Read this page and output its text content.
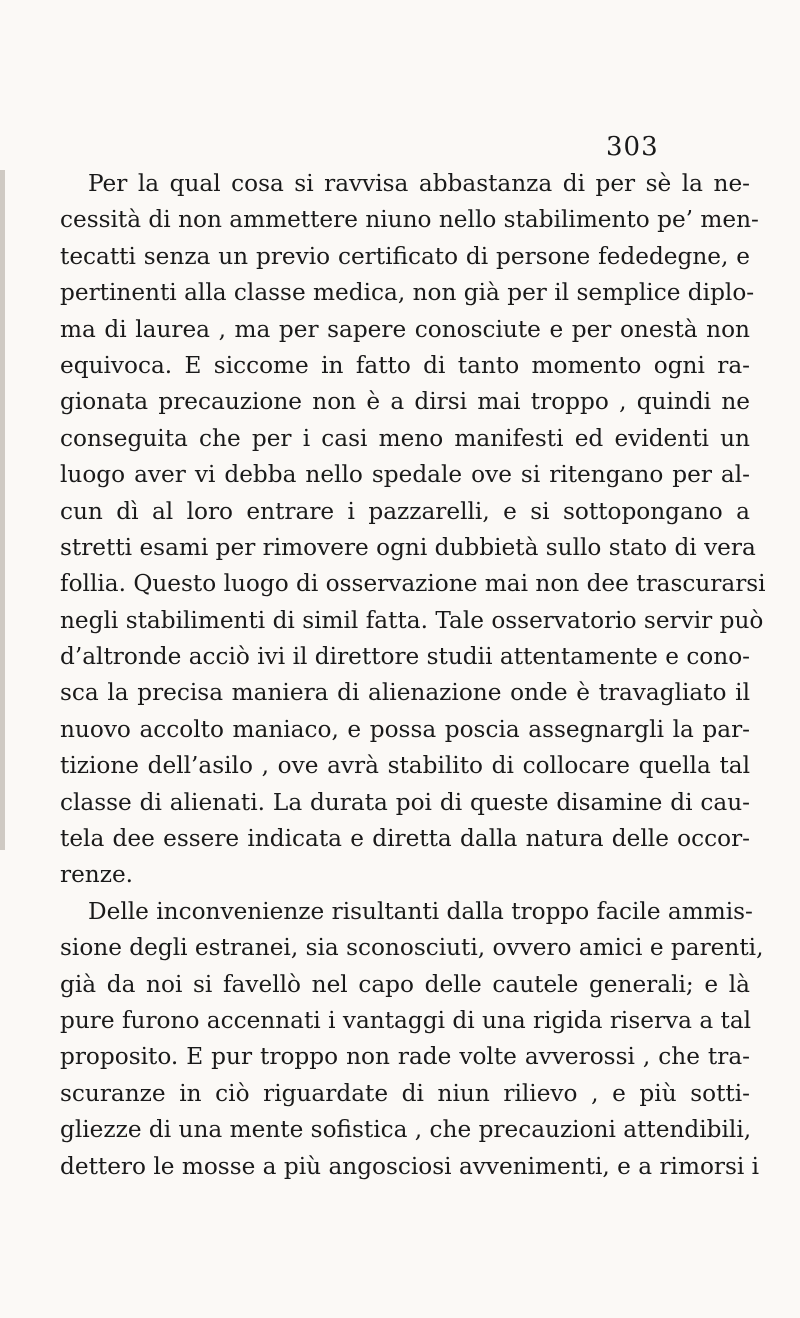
303
Per la qual cosa si ravvisa abbastanza di per sè la ne-
cessità di non ammettere niuno nello stabilimento pe’ men-
tecatti senza un previo certificato di persone fededegne, e
pertinenti alla classe medica, non già per il semplice diplo-
ma di laurea , ma per sapere conosciute e per onestà non
equivoca. E siccome in fatto di tanto momento ogni ra-
gionata precauzione non è a dirsi mai troppo , quindi ne
conseguita che per i casi meno manifesti ed evidenti un
luogo aver vi debba nello spedale ove si ritengano per al-
cun dì al loro entrare i pazzarelli, e si sottopongano a
stretti esami per rimovere ogni dubbietà sullo stato di vera
follia. Questo luogo di osservazione mai non dee trascurarsi
negli stabilimenti di simil fatta. Tale osservatorio servir può
d’altronde acciò ivi il direttore studii attentamente e cono-
sca la precisa maniera di alienazione onde è travagliato il
nuovo accolto maniaco, e possa poscia assegnargli la par-
tizione dell’asilo , ove avrà stabilito di collocare quella tal
classe di alienati. La durata poi di queste disamine di cau-
tela dee essere indicata e diretta dalla natura delle occor-
renze.
Delle inconvenienze risultanti dalla troppo facile ammis-
sione degli estranei, sia sconosciuti, ovvero amici e parenti,
già da noi si favellò nel capo delle cautele generali; e là
pure furono accennati i vantaggi di una rigida riserva a tal
proposito. E pur troppo non rade volte avverossi , che tra-
scuranze in ciò riguardate di niun rilievo , e più sotti-
gliezze di una mente sofistica , che precauzioni attendibili,
dettero le mosse a più angosciosi avvenimenti, e a rimorsi i
